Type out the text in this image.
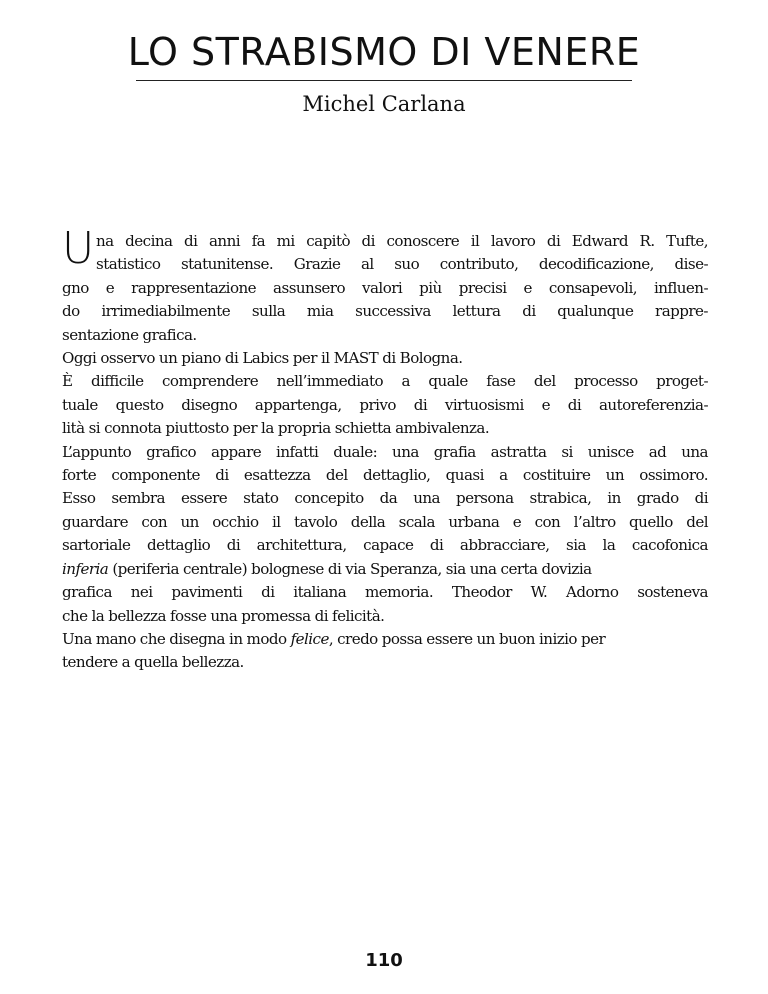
LO STRABISMO DI VENERE
Michel Carlana
U na decina di anni fa mi capitò di conoscere il lavoro di Edward R. Tufte,
statistico statunitense. Grazie al suo contributo, decodificazione, dise-
gno e rappresentazione assunsero valori più precisi e consapevoli, influen-
do irrimediabilmente sulla mia successiva lettura di qualunque rappre-
sentazione grafica.
Oggi osservo un piano di Labics per il MAST di Bologna.
È difficile comprendere nell’immediato a quale fase del processo proget-
tuale questo disegno appartenga, privo di virtuosismi e di autoreferenzia-
lità si connota piuttosto per la propria schietta ambivalenza.
L’appunto grafico appare infatti duale: una grafia astratta si unisce ad una
forte componente di esattezza del dettaglio, quasi a costituire un ossimoro.
Esso sembra essere stato concepito da una persona strabica, in grado di
guardare con un occhio il tavolo della scala urbana e con l’altro quello del
sartoriale dettaglio di architettura, capace di abbracciare, sia la cacofonica
inferia (periferia centrale) bolognese di via Speranza, sia una certa dovizia
grafica nei pavimenti di italiana memoria. Theodor W. Adorno sosteneva
che la bellezza fosse una promessa di felicità.
Una mano che disegna in modo felice, credo possa essere un buon inizio per
tendere a quella bellezza.
110
